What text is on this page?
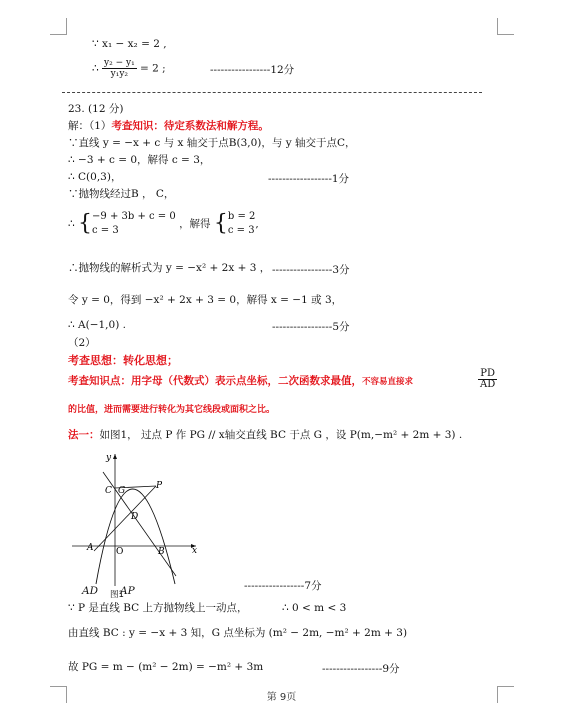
∵ x₁ − x₂ = 2 ,
∴ $\frac{\text{y₂ − y₁}}{\text{y₁y₂}} = 2$ ;	-----------------12分
23. (12 分)
解：（1）考查知识：待定系数法和解方程。
∵直线 y = −x + c 与 x 轴交于点B(3,0)，与 y 轴交于点C，
∴ −3 + c = 0，解得 c = 3，
∴ C(0,3)，	------------------1分
∵抛物线经过B ， C，
∴ {−9 + 3b + c = 0
c = 3 ，解得 {b = 2
c = 3,
∴抛物线的解析式为 y = −x² + 2x + 3 ， -----------------3分
令 y = 0，得到 −x² + 2x + 3 = 0，解得 x = −1 或 3，
∴ A(−1,0) .	-----------------5分
（2）
考查思想：转化思想；
考查知识点：用字母（代数式）表示点坐标，二次函数求最值，不容易直接求	$\frac{PD}{AD}$
的比值，进而需要进行转化为其它线段或面积之比。
法一：如图1， 过点 P 作 PG // x轴交直线 BC 于点 G ，设 P(m,−m² + 2m + 3) .
y
x
C G	P
D
A	O	B
AD 图1
AP	-----------------7分
∵ P 是直线 BC 上方抛物线上一动点，	∴ 0 < m < 3
由直线 BC : y = −x + 3 知，G 点坐标为 (m² − 2m, −m² + 2m + 3)
故 PG = m − (m² − 2m) = −m² + 3m	-----------------9分
第 9页
